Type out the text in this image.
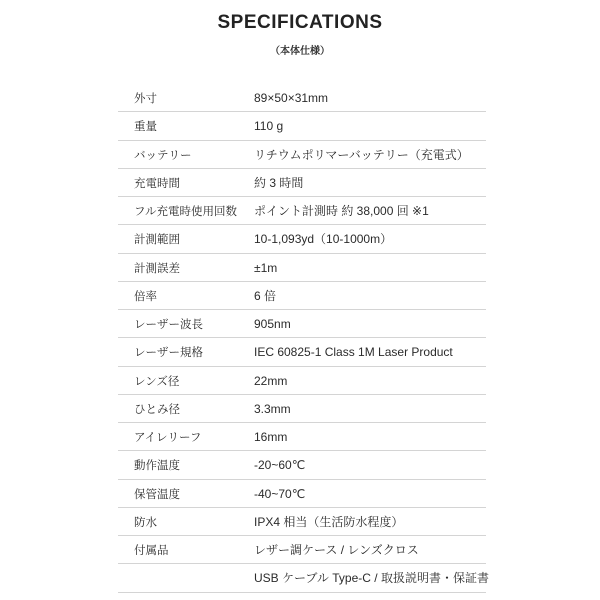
SPECIFICATIONS
（本体仕様）
外寸	89×50×31mm
重量	110 g
バッテリー	リチウムポリマーバッテリー（充電式）
充電時間	約 3 時間
フル充電時使用回数 ポイント計測時 約 38,000 回 ※1
計測範囲	10-1,093yd（10-1000m）
計測誤差	±1m
倍率	6 倍
レーザー波長	905nm
レーザー規格	IEC 60825-1 Class 1M Laser Product
レンズ径	22mm
ひとみ径	3.3mm
アイレリーフ	16mm
動作温度	-20~60℃
保管温度	-40~70℃
防水	IPX4 相当（生活防水程度）
付属品	レザー調ケース / レンズクロス
USB ケーブル Type-C / 取扱説明書・保証書
